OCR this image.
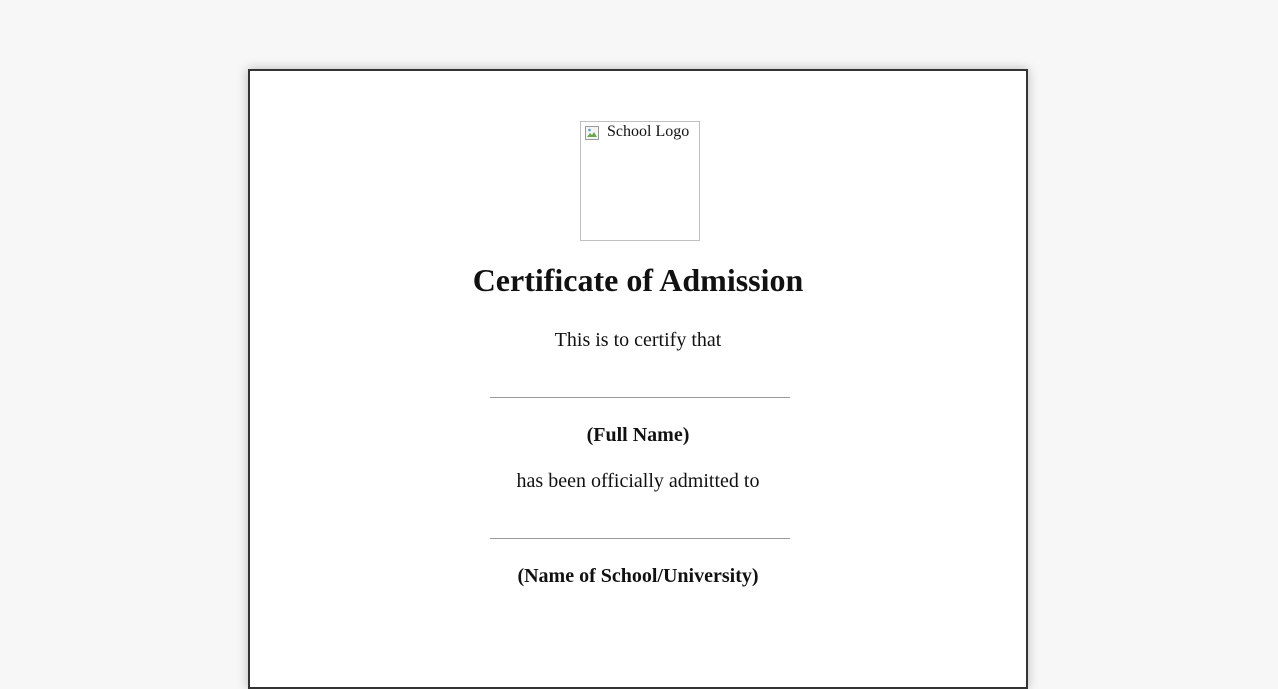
School Logo
Certificate of Admission

This is to certify that

(Full Name)

has been officially admitted to

(Name of School/University)
